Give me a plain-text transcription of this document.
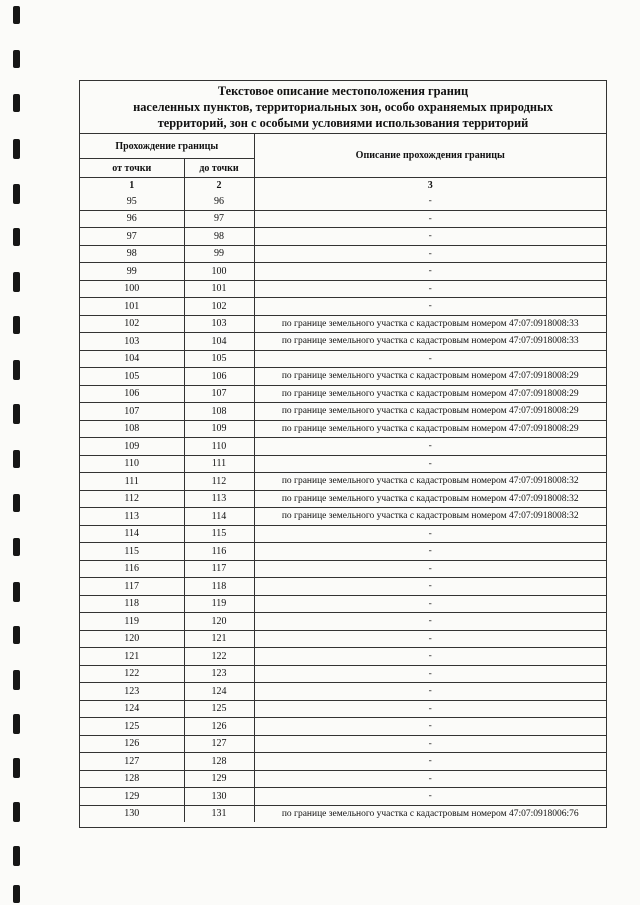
Текстовое описание местоположения границ
населенных пунктов, территориальных зон, особо охраняемых природных
территорий, зон с особыми условиями использования территорий
Прохождение границы		Описание прохождения границы
от точки	до точки	
1	2	3
95	96	-
96	97	-
97	98	-
98	99	-
99	100	-
100	101	-
101	102	-
102	103	по границе земельного участка с кадастровым номером 47:07:0918008:33
103	104	по границе земельного участка с кадастровым номером 47:07:0918008:33
104	105	-
105	106	по границе земельного участка с кадастровым номером 47:07:0918008:29
106	107	по границе земельного участка с кадастровым номером 47:07:0918008:29
107	108	по границе земельного участка с кадастровым номером 47:07:0918008:29
108	109	по границе земельного участка с кадастровым номером 47:07:0918008:29
109	110	-
110	111	-
111	112	по границе земельного участка с кадастровым номером 47:07:0918008:32
112	113	по границе земельного участка с кадастровым номером 47:07:0918008:32
113	114	по границе земельного участка с кадастровым номером 47:07:0918008:32
114	115	-
115	116	-
116	117	-
117	118	-
118	119	-
119	120	-
120	121	-
121	122	-
122	123	-
123	124	-
124	125	-
125	126	-
126	127	-
127	128	-
128	129	-
129	130	-
130	131	по границе земельного участка с кадастровым номером 47:07:0918006:76
